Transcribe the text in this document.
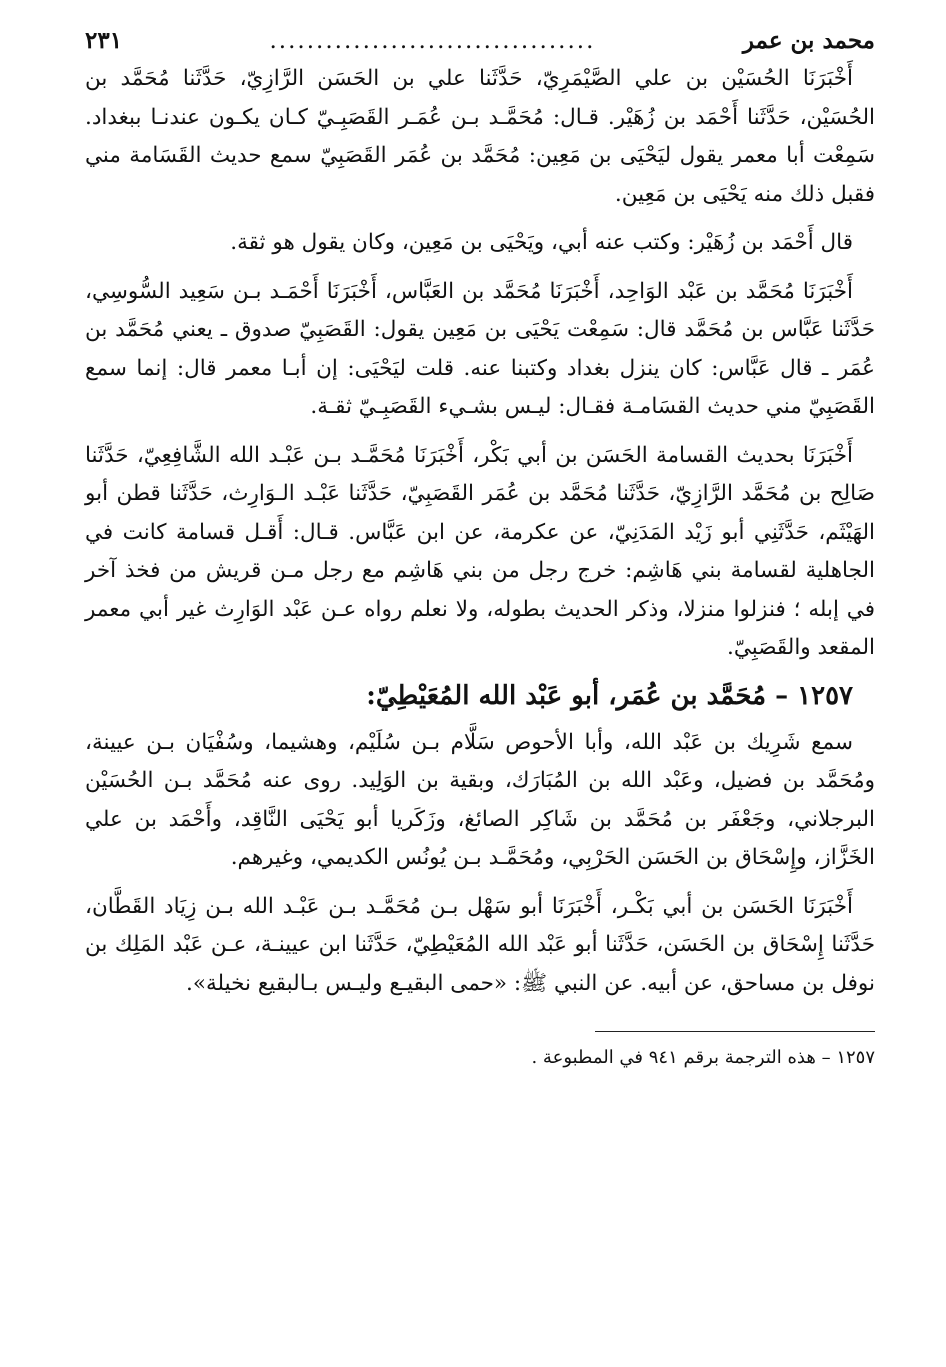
محمد بن عمر
...................................
٢٣١

أَخْبَرَنَا الحُسَيْن بن علي الصَّيْمَرِيّ، حَدَّثَنا علي بن الحَسَن الرَّازِيّ، حَدَّثَنا مُحَمَّد بن الحُسَيْن، حَدَّثَنا أَحْمَد بن زُهَيْر. قـال: مُحَمَّـد بـن عُمَـر القَصَبِـيّ كـان يكـون عندنـا ببغداد. سَمِعْت أبا معمر يقول ليَحْيَى بن مَعِين: مُحَمَّد بن عُمَر القَصَبِيّ سمع حديث القَسَامة مني فقبل ذلك منه يَحْيَى بن مَعِين.

قال أَحْمَد بن زُهَيْر: وكتب عنه أبي، ويَحْيَى بن مَعِين، وكان يقول هو ثقة.

أَخْبَرَنَا مُحَمَّد بن عَبْد الوَاحِد، أَخْبَرَنَا مُحَمَّد بن العَبَّاس، أَخْبَرَنَا أَحْمَـد بـن سَعِيد السُّوسِي، حَدَّثَنا عَبَّاس بن مُحَمَّد قال: سَمِعْت يَحْيَى بن مَعِين يقول: القَصَبِيّ صدوق ـ يعني مُحَمَّد بن عُمَر ـ قال عَبَّاس: كان ينزل بغداد وكتبنا عنه. قلت ليَحْيَى: إن أبـا معمر قال: إنما سمع القَصَبِيّ مني حديث القسَامـة فقـال: ليـس بشـيء القَصَبِـيّ ثقـة.

أَخْبَرَنَا بحديث القسامة الحَسَن بن أبي بَكْر، أَخْبَرَنَا مُحَمَّـد بـن عَبْـد الله الشَّافِعِيّ، حَدَّثَنا صَالِح بن مُحَمَّد الرَّازِيّ، حَدَّثَنا مُحَمَّد بن عُمَر القَصَبِيّ، حَدَّثَنا عَبْـد الـوَارِث، حَدَّثَنا قطن أبو الهَيْثَم، حَدَّثَنِي أبو زَيْد المَدَنِيّ، عن عكرمة، عن ابن عَبَّاس. قـال: أَقـل قسامة كانت في الجاهلية لقسامة بني هَاشِم: خرج رجل من بني هَاشِم مع رجل مـن قريش من فخذ آخر في إبله ؛ فنزلوا منزلا، وذكر الحديث بطوله، ولا نعلم رواه عـن عَبْد الوَارِث غير أبي معمر المقعد والقَصَبِيّ.

١٢٥٧ – مُحَمَّد بن عُمَر، أبو عَبْد الله المُعَيْطِيّ:

سمع شَرِيك بن عَبْد الله، وأبا الأحوص سَلَّام بـن سُلَيْم، وهشيما، وسُفْيَان بـن عيينة، ومُحَمَّد بن فضيل، وعَبْد الله بن المُبَارَك، وبقية بن الوَلِيد. روى عنه مُحَمَّد بـن الحُسَيْن البرجلاني، وجَعْفَر بن مُحَمَّد بن شَاكِر الصائغ، وزَكَريا أبو يَحْيَى النَّاقِد، وأَحْمَد بن علي الخَزَّاز، وإِسْحَاق بن الحَسَن الحَرْبِي، ومُحَمَّـد بـن يُونُس الكديمي، وغيرهم.

أَخْبَرَنَا الحَسَن بن أبي بَكْـر، أَخْبَرَنَا أبو سَهْل بـن مُحَمَّـد بـن عَبْـد الله بـن زِيَاد القَطَّان، حَدَّثَنا إِسْحَاق بن الحَسَن، حَدَّثَنا أبو عَبْد الله المُعَيْطِيّ، حَدَّثَنا ابن عيينـة، عـن عَبْد المَلِك بن نوفل بن مساحق، عن أبيه. عن النبي ﷺ: «حمى البقيـع وليـس بـالبقيع نخيلة».

١٢٥٧ – هذه الترجمة برقم ٩٤١ في المطبوعة .
